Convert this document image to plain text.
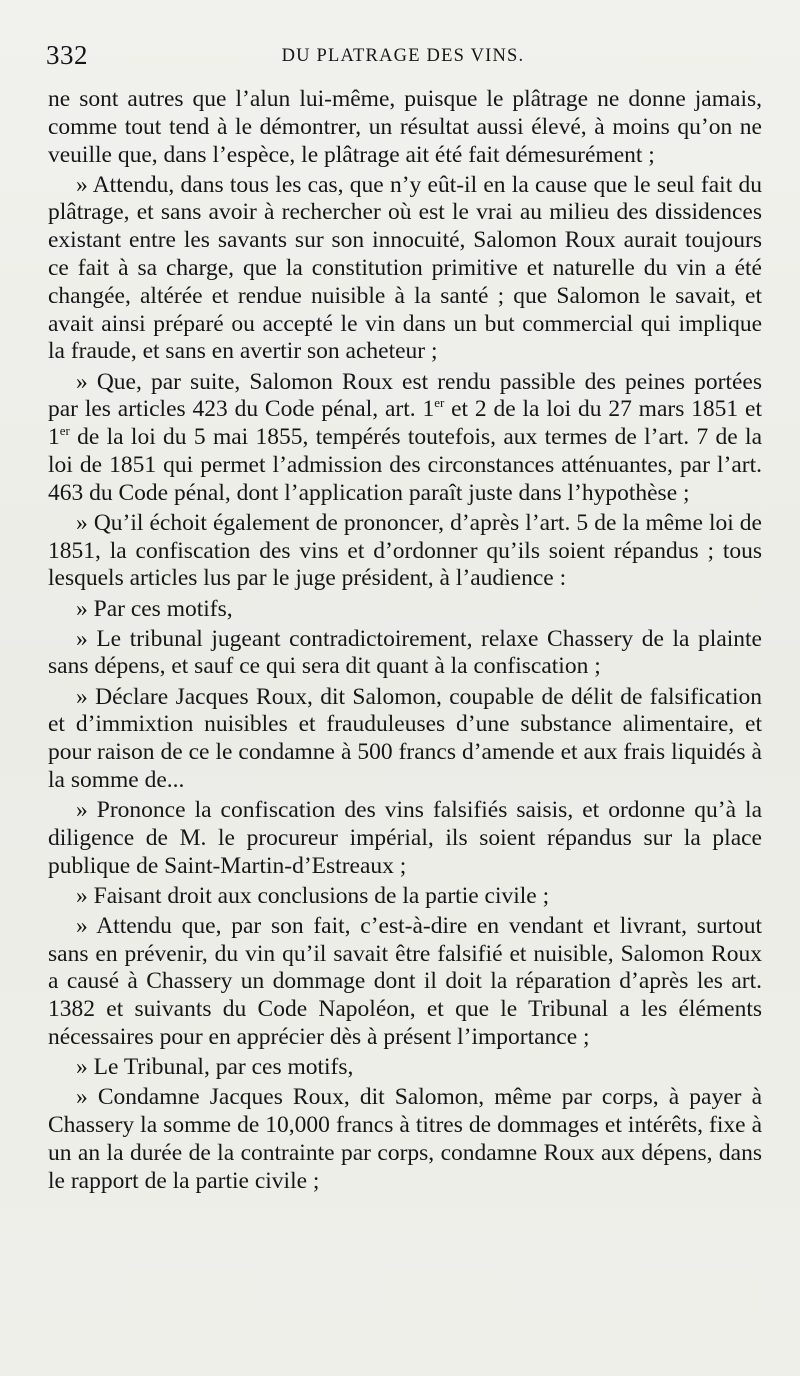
332	DU PLATRAGE DES VINS.

ne sont autres que l’alun lui-même, puisque le plâtrage ne donne jamais, comme tout tend à le démontrer, un résultat aussi élevé, à moins qu’on ne veuille que, dans l’espèce, le plâtrage ait été fait démesurément ;

» Attendu, dans tous les cas, que n’y eût-il en la cause que le seul fait du plâtrage, et sans avoir à rechercher où est le vrai au milieu des dissidences existant entre les savants sur son innocuité, Salomon Roux aurait toujours ce fait à sa charge, que la constitution primitive et naturelle du vin a été changée, altérée et rendue nuisible à la santé ; que Salomon le savait, et avait ainsi préparé ou accepté le vin dans un but commercial qui implique la fraude, et sans en avertir son acheteur ;

» Que, par suite, Salomon Roux est rendu passible des peines portées par les articles 423 du Code pénal, art. 1er et 2 de la loi du 27 mars 1851 et 1er de la loi du 5 mai 1855, tempérés toutefois, aux termes de l’art. 7 de la loi de 1851 qui permet l’admission des circonstances atténuantes, par l’art. 463 du Code pénal, dont l’application paraît juste dans l’hypothèse ;

» Qu’il échoit également de prononcer, d’après l’art. 5 de la même loi de 1851, la confiscation des vins et d’ordonner qu’ils soient répandus ; tous lesquels articles lus par le juge président, à l’audience :

» Par ces motifs,

» Le tribunal jugeant contradictoirement, relaxe Chassery de la plainte sans dépens, et sauf ce qui sera dit quant à la confiscation ;

» Déclare Jacques Roux, dit Salomon, coupable de délit de falsification et d’immixtion nuisibles et frauduleuses d’une substance alimentaire, et pour raison de ce le condamne à 500 francs d’amende et aux frais liquidés à la somme de...

» Prononce la confiscation des vins falsifiés saisis, et ordonne qu’à la diligence de M. le procureur impérial, ils soient répandus sur la place publique de Saint-Martin-d’Estreaux ;

» Faisant droit aux conclusions de la partie civile ;

» Attendu que, par son fait, c’est-à-dire en vendant et livrant, surtout sans en prévenir, du vin qu’il savait être falsifié et nuisible, Salomon Roux a causé à Chassery un dommage dont il doit la réparation d’après les art. 1382 et suivants du Code Napoléon, et que le Tribunal a les éléments nécessaires pour en apprécier dès à présent l’importance ;

» Le Tribunal, par ces motifs,

» Condamne Jacques Roux, dit Salomon, même par corps, à payer à Chassery la somme de 10,000 francs à titres de dommages et intérêts, fixe à un an la durée de la contrainte par corps, condamne Roux aux dépens, dans le rapport de la partie civile ;
